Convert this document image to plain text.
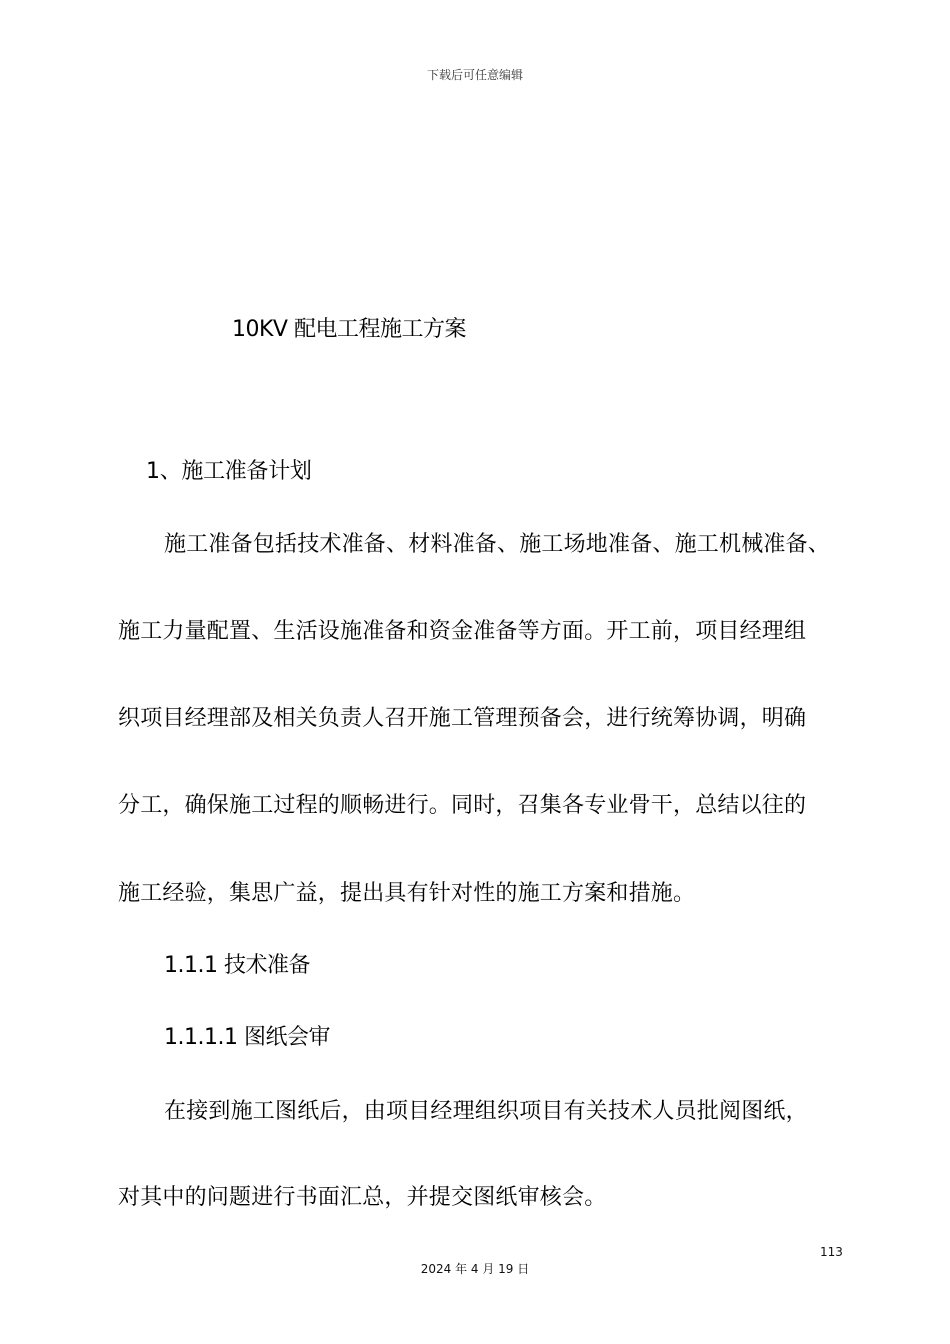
下载后可任意编辑
10KV 配电工程施工方案
1、施工准备计划
施工准备包括技术准备、材料准备、施工场地准备、施工机械准备、
施工力量配置、生活设施准备和资金准备等方面。开工前，项目经理组
织项目经理部及相关负责人召开施工管理预备会，进行统筹协调，明确
分工，确保施工过程的顺畅进行。同时，召集各专业骨干，总结以往的
施工经验，集思广益，提出具有针对性的施工方案和措施。
1.1.1 技术准备
1.1.1.1 图纸会审
在接到施工图纸后，由项目经理组织项目有关技术人员批阅图纸，
对其中的问题进行书面汇总，并提交图纸审核会。
113
2024 年 4 月 19 日
